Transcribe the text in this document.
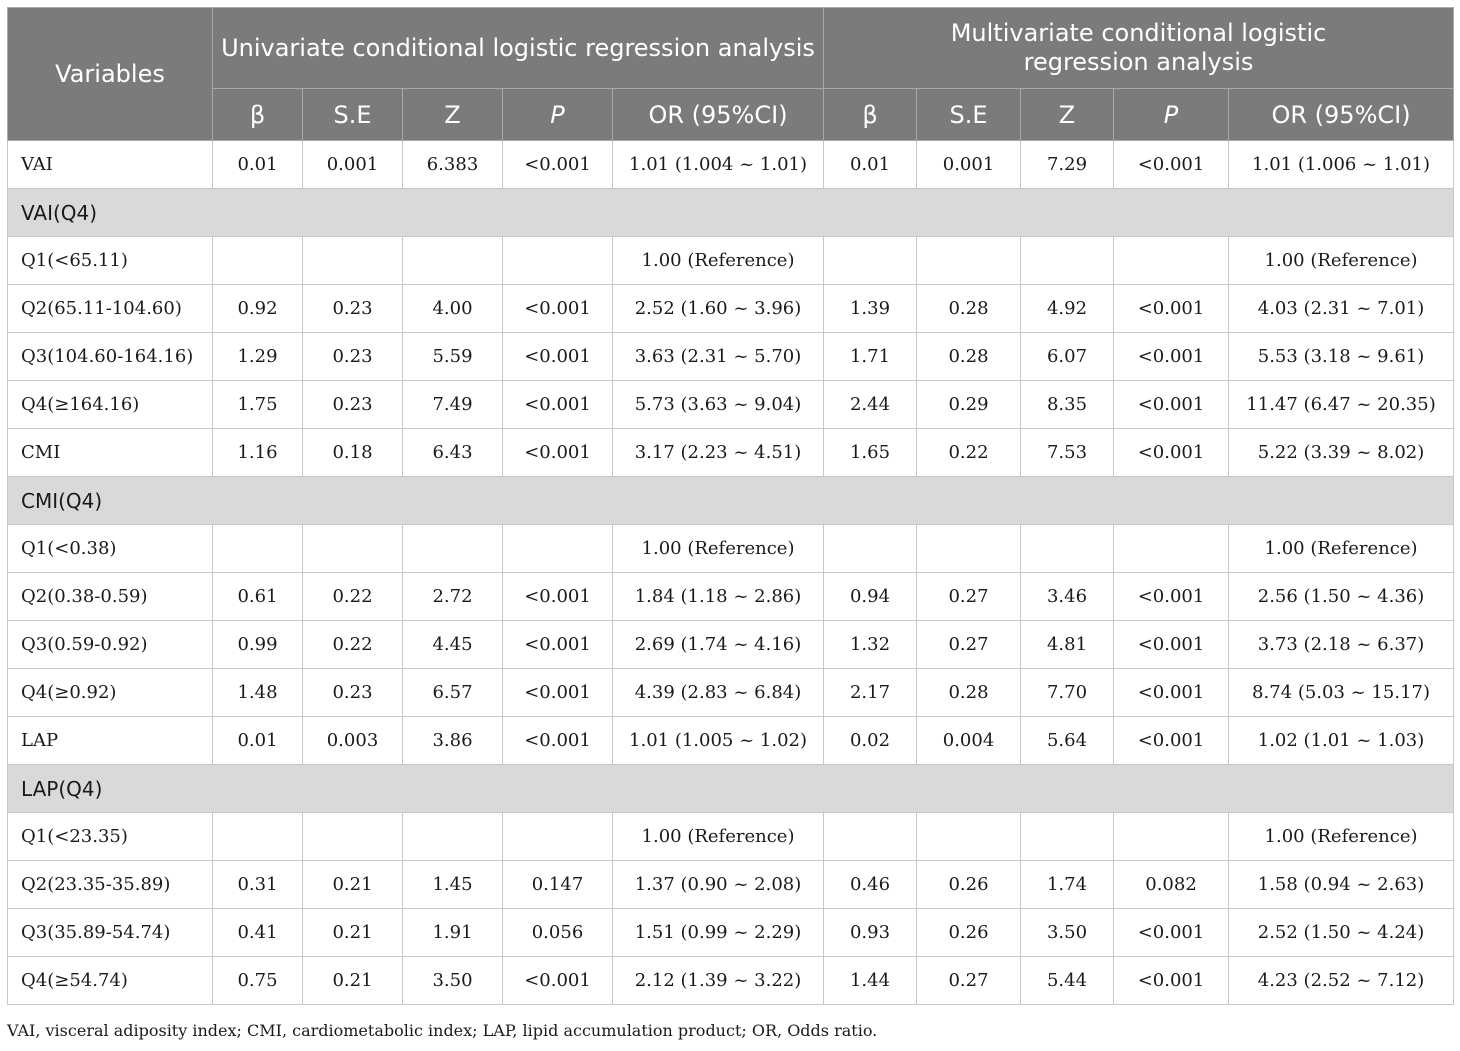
Variables	Univariate conditional logistic regression analysis					Multivariate conditional logistic regression analysis				
	β	S.E	Z	P	OR (95%CI)	β	S.E	Z	P	OR (95%CI)
VAI	0.01	0.001	6.383	<0.001	1.01 (1.004 ~ 1.01)	0.01	0.001	7.29	<0.001	1.01 (1.006 ~ 1.01)
VAI(Q4)										
Q1(<65.11)					1.00 (Reference)					1.00 (Reference)
Q2(65.11-104.60)	0.92	0.23	4.00	<0.001	2.52 (1.60 ~ 3.96)	1.39	0.28	4.92	<0.001	4.03 (2.31 ~ 7.01)
Q3(104.60-164.16)	1.29	0.23	5.59	<0.001	3.63 (2.31 ~ 5.70)	1.71	0.28	6.07	<0.001	5.53 (3.18 ~ 9.61)
Q4(≥164.16)	1.75	0.23	7.49	<0.001	5.73 (3.63 ~ 9.04)	2.44	0.29	8.35	<0.001	11.47 (6.47 ~ 20.35)
CMI	1.16	0.18	6.43	<0.001	3.17 (2.23 ~ 4.51)	1.65	0.22	7.53	<0.001	5.22 (3.39 ~ 8.02)
CMI(Q4)										
Q1(<0.38)					1.00 (Reference)					1.00 (Reference)
Q2(0.38-0.59)	0.61	0.22	2.72	<0.001	1.84 (1.18 ~ 2.86)	0.94	0.27	3.46	<0.001	2.56 (1.50 ~ 4.36)
Q3(0.59-0.92)	0.99	0.22	4.45	<0.001	2.69 (1.74 ~ 4.16)	1.32	0.27	4.81	<0.001	3.73 (2.18 ~ 6.37)
Q4(≥0.92)	1.48	0.23	6.57	<0.001	4.39 (2.83 ~ 6.84)	2.17	0.28	7.70	<0.001	8.74 (5.03 ~ 15.17)
LAP	0.01	0.003	3.86	<0.001	1.01 (1.005 ~ 1.02)	0.02	0.004	5.64	<0.001	1.02 (1.01 ~ 1.03)
LAP(Q4)										
Q1(<23.35)					1.00 (Reference)					1.00 (Reference)
Q2(23.35-35.89)	0.31	0.21	1.45	0.147	1.37 (0.90 ~ 2.08)	0.46	0.26	1.74	0.082	1.58 (0.94 ~ 2.63)
Q3(35.89-54.74)	0.41	0.21	1.91	0.056	1.51 (0.99 ~ 2.29)	0.93	0.26	3.50	<0.001	2.52 (1.50 ~ 4.24)
Q4(≥54.74)	0.75	0.21	3.50	<0.001	2.12 (1.39 ~ 3.22)	1.44	0.27	5.44	<0.001	4.23 (2.52 ~ 7.12)
VAI, visceral adiposity index; CMI, cardiometabolic index; LAP, lipid accumulation product; OR, Odds ratio.
